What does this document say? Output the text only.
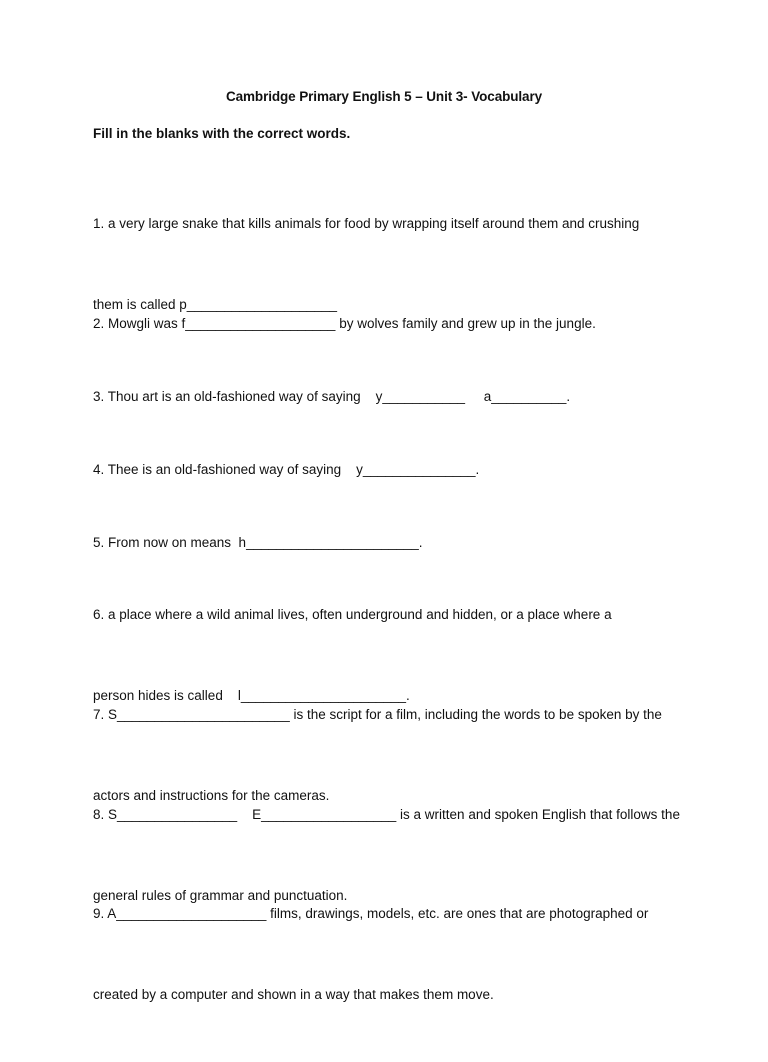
Cambridge Primary English 5 – Unit 3- Vocabulary
Fill in the blanks with the correct words.

1. a very large snake that kills animals for food by wrapping itself around them and crushing

them is called p____________________

2. Mowgli was f____________________ by wolves family and grew up in the jungle.

3. Thou art is an old-fashioned way of saying    y___________     a__________.

4. Thee is an old-fashioned way of saying    y_______________.

5. From now on means  h_______________________.

6. a place where a wild animal lives, often underground and hidden, or a place where a

person hides is called    l______________________.

7. S_______________________ is the script for a film, including the words to be spoken by the

actors and instructions for the cameras.

8. S________________    E__________________ is a written and spoken English that follows the

general rules of grammar and punctuation.

9. A____________________ films, drawings, models, etc. are ones that are photographed or

created by a computer and shown in a way that makes them move.
